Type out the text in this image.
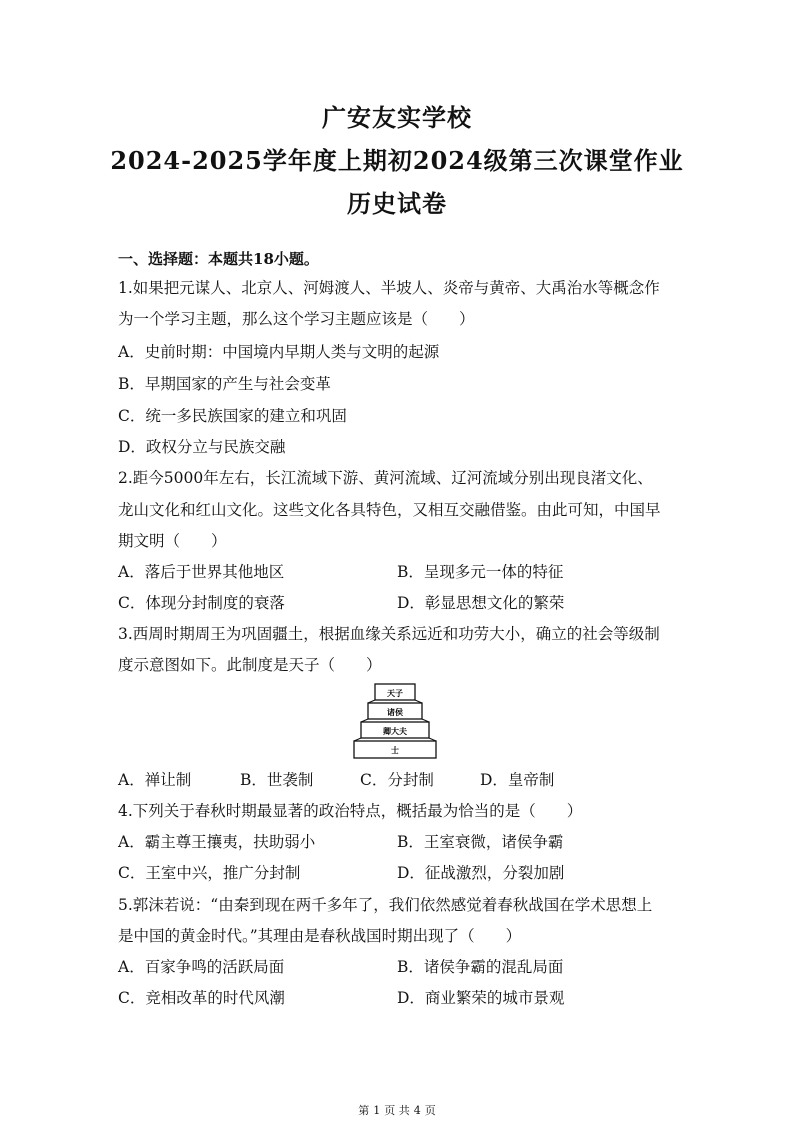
广安友实学校
2024-2025学年度上期初2024级第三次课堂作业
历史试卷
一、选择题：本题共18小题。
1.如果把元谋人、北京人、河姆渡人、半坡人、炎帝与黄帝、大禹治水等概念作
为一个学习主题，那么这个学习主题应该是（　　）
A．史前时期：中国境内早期人类与文明的起源
B．早期国家的产生与社会变革
C．统一多民族国家的建立和巩固
D．政权分立与民族交融
2.距今5000年左右，长江流域下游、黄河流域、辽河流域分别出现良渚文化、
龙山文化和红山文化。这些文化各具特色，又相互交融借鉴。由此可知，中国早
期文明（　　）
A．落后于世界其他地区	B．呈现多元一体的特征
C．体现分封制度的衰落	D．彰显思想文化的繁荣
3.西周时期周王为巩固疆土，根据血缘关系远近和功劳大小，确立的社会等级制
度示意图如下。此制度是天子（　　）
天子
诸侯
卿大夫
士
A．禅让制	B．世袭制	C．分封制	D．皇帝制
4.下列关于春秋时期最显著的政治特点，概括最为恰当的是（　　）
A．霸主尊王攘夷，扶助弱小	B．王室衰微，诸侯争霸
C．王室中兴，推广分封制	D．征战激烈，分裂加剧
5.郭沫若说：“由秦到现在两千多年了，我们依然感觉着春秋战国在学术思想上
是中国的黄金时代。”其理由是春秋战国时期出现了（　　）
A．百家争鸣的活跃局面	B．诸侯争霸的混乱局面
C．竞相改革的时代风潮	D．商业繁荣的城市景观
第 1 页 共 4 页
